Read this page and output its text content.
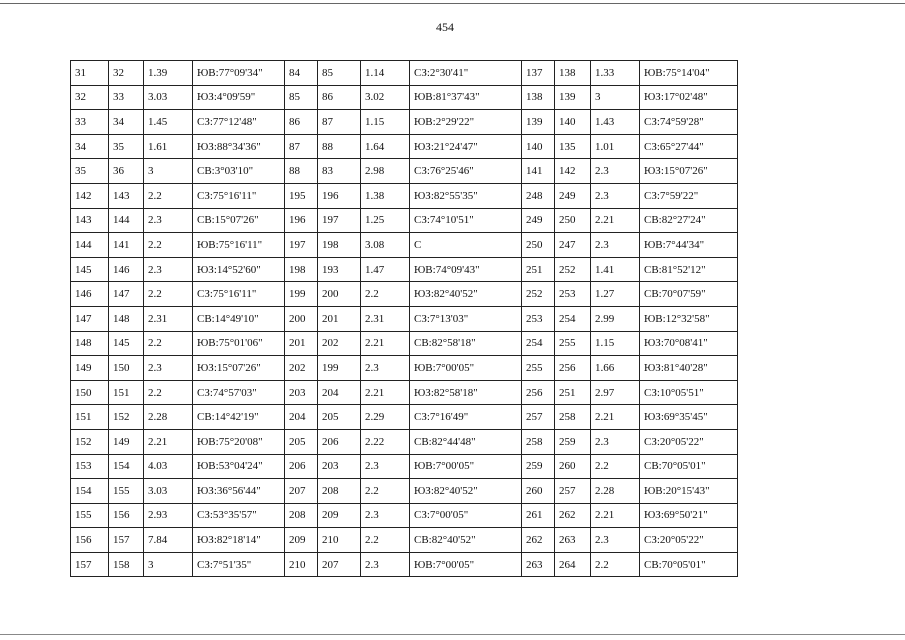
454
31	32	1.39	ЮВ:77°09'34"	84	85	1.14	СЗ:2°30'41"	137	138	1.33	ЮВ:75°14'04"
32	33	3.03	ЮЗ:4°09'59"	85	86	3.02	ЮВ:81°37'43"	138	139	3	ЮЗ:17°02'48"
33	34	1.45	СЗ:77°12'48"	86	87	1.15	ЮВ:2°29'22"	139	140	1.43	СЗ:74°59'28"
34	35	1.61	ЮЗ:88°34'36"	87	88	1.64	ЮЗ:21°24'47"	140	135	1.01	СЗ:65°27'44"
35	36	3	СВ:3°03'10"	88	83	2.98	СЗ:76°25'46"	141	142	2.3	ЮЗ:15°07'26"
142	143	2.2	СЗ:75°16'11"	195	196	1.38	ЮЗ:82°55'35"	248	249	2.3	СЗ:7°59'22"
143	144	2.3	СВ:15°07'26"	196	197	1.25	СЗ:74°10'51"	249	250	2.21	СВ:82°27'24"
144	141	2.2	ЮВ:75°16'11"	197	198	3.08	С	250	247	2.3	ЮВ:7°44'34"
145	146	2.3	ЮЗ:14°52'60"	198	193	1.47	ЮВ:74°09'43"	251	252	1.41	СВ:81°52'12"
146	147	2.2	СЗ:75°16'11"	199	200	2.2	ЮЗ:82°40'52"	252	253	1.27	СВ:70°07'59"
147	148	2.31	СВ:14°49'10"	200	201	2.31	СЗ:7°13'03"	253	254	2.99	ЮВ:12°32'58"
148	145	2.2	ЮВ:75°01'06"	201	202	2.21	СВ:82°58'18"	254	255	1.15	ЮЗ:70°08'41"
149	150	2.3	ЮЗ:15°07'26"	202	199	2.3	ЮВ:7°00'05"	255	256	1.66	ЮЗ:81°40'28"
150	151	2.2	СЗ:74°57'03"	203	204	2.21	ЮЗ:82°58'18"	256	251	2.97	СЗ:10°05'51"
151	152	2.28	СВ:14°42'19"	204	205	2.29	СЗ:7°16'49"	257	258	2.21	ЮЗ:69°35'45"
152	149	2.21	ЮВ:75°20'08"	205	206	2.22	СВ:82°44'48"	258	259	2.3	СЗ:20°05'22"
153	154	4.03	ЮВ:53°04'24"	206	203	2.3	ЮВ:7°00'05"	259	260	2.2	СВ:70°05'01"
154	155	3.03	ЮЗ:36°56'44"	207	208	2.2	ЮЗ:82°40'52"	260	257	2.28	ЮВ:20°15'43"
155	156	2.93	СЗ:53°35'57"	208	209	2.3	СЗ:7°00'05"	261	262	2.21	ЮЗ:69°50'21"
156	157	7.84	ЮЗ:82°18'14"	209	210	2.2	СВ:82°40'52"	262	263	2.3	СЗ:20°05'22"
157	158	3	СЗ:7°51'35"	210	207	2.3	ЮВ:7°00'05"	263	264	2.2	СВ:70°05'01"
